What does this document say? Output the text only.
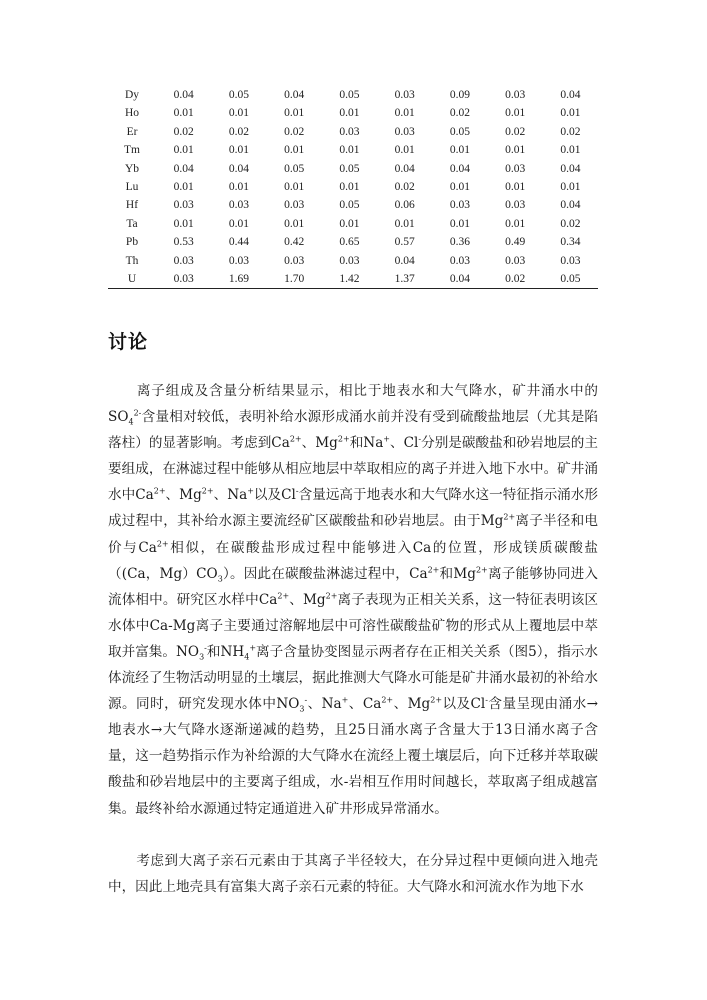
Dy	0.04	0.05	0.04	0.05	0.03	0.09	0.03	0.04
Ho	0.01	0.01	0.01	0.01	0.01	0.02	0.01	0.01
Er	0.02	0.02	0.02	0.03	0.03	0.05	0.02	0.02
Tm	0.01	0.01	0.01	0.01	0.01	0.01	0.01	0.01
Yb	0.04	0.04	0.05	0.05	0.04	0.04	0.03	0.04
Lu	0.01	0.01	0.01	0.01	0.02	0.01	0.01	0.01
Hf	0.03	0.03	0.03	0.05	0.06	0.03	0.03	0.04
Ta	0.01	0.01	0.01	0.01	0.01	0.01	0.01	0.02
Pb	0.53	0.44	0.42	0.65	0.57	0.36	0.49	0.34
Th	0.03	0.03	0.03	0.03	0.04	0.03	0.03	0.03
U	0.03	1.69	1.70	1.42	1.37	0.04	0.02	0.05
讨论

离子组成及含量分析结果显示，相比于地表水和大气降水，矿井涌水中的$SO_4^{2-}$含量相对较低，表明补给水源形成涌水前并没有受到硫酸盐地层（尤其是陷落柱）的显著影响。考虑到$Ca^{2+}$、$Mg^{2+}$和Na+、Cl-分别是碳酸盐和砂岩地层的主要组成，在淋滤过程中能够从相应地层中萃取相应的离子并进入地下水中。矿井涌水中$Ca^{2+}$、$Mg^{2+}$、Na+以及Cl-含量远高于地表水和大气降水这一特征指示涌水形成过程中，其补给水源主要流经矿区碳酸盐和砂岩地层。由于$Mg^{2+}$离子半径和电价与$Ca^{2+}$相似，在碳酸盐形成过程中能够进入Ca的位置，形成镁质碳酸盐（(Ca，$Mg)CO_3$）。因此在碳酸盐淋滤过程中，$Ca^{2+}$和$Mg^{2+}$离子能够协同进入流体相中。研究区水样中$Ca^{2+}$、$Mg^{2+}$离子表现为正相关关系，这一特征表明该区水体中Ca-Mg离子主要通过溶解地层中可溶性碳酸盐矿物的形式从上覆地层中萃取并富集。$NO_3^-$和$NH_4^+$离子含量协变图显示两者存在正相关关系（图5），指示水体流经了生物活动明显的土壤层，据此推测大气降水可能是矿井涌水最初的补给水源。同时，研究发现水体中$NO_3^-$、Na+、$Ca^{2+}$、$Mg^{2+}$以及Cl-含量呈现由涌水→地表水→大气降水逐渐递减的趋势，且25日涌水离子含量大于13日涌水离子含量，这一趋势指示作为补给源的大气降水在流经上覆土壤层后，向下迁移并萃取碳酸盐和砂岩地层中的主要离子组成，水-岩相互作用时间越长，萃取离子组成越富集。最终补给水源通过特定通道进入矿井形成异常涌水。

考虑到大离子亲石元素由于其离子半径较大，在分异过程中更倾向进入地壳中，因此上地壳具有富集大离子亲石元素的特征。大气降水和河流水作为地下水
